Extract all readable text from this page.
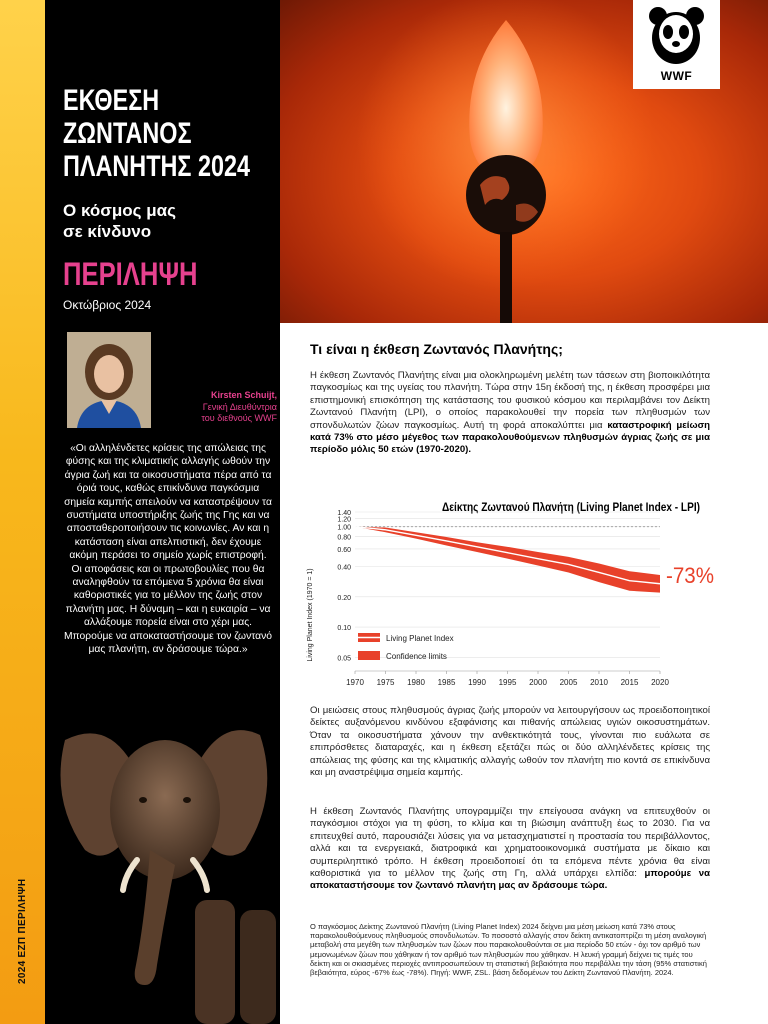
2024 ΕΖΠ ΠΕΡΙΛΗΨΗ
ΕΚΘΕΣΗ
ΖΩΝΤΑΝΟΣ
ΠΛΑΝΗΤΗΣ 2024
Ο κόσμος μας
σε κίνδυνο
ΠΕΡΙΛΗΨΗ
Οκτώβριος 2024
Kirsten Schuijt,
Γενική Διευθύντρια
του διεθνούς WWF
«Οι αλληλένδετες κρίσεις της απώλειας της φύσης και της κλιματικής αλλαγής ωθούν την άγρια ζωή και τα οικοσυστήματα πέρα από τα όριά τους, καθώς επικίνδυνα παγκόσμια σημεία καμπής απειλούν να καταστρέψουν τα συστήματα υποστήριξης ζωής της Γης και να αποσταθεροποιήσουν τις κοινωνίες. Αν και η κατάσταση είναι απελπιστική, δεν έχουμε ακόμη περάσει το σημείο χωρίς επιστροφή. Οι αποφάσεις και οι πρωτοβουλίες που θα αναληφθούν τα επόμενα 5 χρόνια θα είναι καθοριστικές για το μέλλον της ζωής στον πλανήτη μας. Η δύναμη – και η ευκαιρία – να αλλάξουμε πορεία είναι στο χέρι μας. Μπορούμε να αποκαταστήσουμε τον ζωντανό μας πλανήτη, αν δράσουμε τώρα.»
WWF
Τι είναι η έκθεση Ζωντανός Πλανήτης;
Η έκθεση Ζωντανός Πλανήτης είναι μια ολοκληρωμένη μελέτη των τάσεων στη βιοποικιλότητα παγκοσμίως και της υγείας του πλανήτη. Τώρα στην 15η έκδοσή της, η έκθεση προσφέρει μια επιστημονική επισκόπηση της κατάστασης του φυσικού κόσμου και περιλαμβάνει τον Δείκτη Ζωντανού Πλανήτη (LPI), ο οποίος παρακολουθεί την πορεία των πληθυσμών των σπονδυλωτών ζώων παγκοσμίως. Αυτή τη φορά αποκαλύπτει μια καταστροφική μείωση κατά 73% στο μέσο μέγεθος των παρακολουθούμενων πληθυσμών άγριας ζωής σε μια περίοδο μόλις 50 ετών (1970-2020).
Δείκτης Ζωντανού Πλανήτη (Living Planet Index - LPI)
Living Planet Index (1970 = 1)
1.40
1.20
1.00
0.80
0.60
0.40
0.20
0.10
0.05
1970 1975 1980 1985 1990 1995 2000 2005 2010 2015 2020
-73%
Living Planet Index
Confidence limits
Οι μειώσεις στους πληθυσμούς άγριας ζωής μπορούν να λειτουργήσουν ως προειδοποιητικοί δείκτες αυξανόμενου κινδύνου εξαφάνισης και πιθανής απώλειας υγιών οικοσυστημάτων. Όταν τα οικοσυστήματα χάνουν την ανθεκτικότητά τους, γίνονται πιο ευάλωτα σε επιπρόσθετες διαταραχές, και η έκθεση εξετάζει πώς οι δύο αλληλένδετες κρίσεις της απώλειας της φύσης και της κλιματικής αλλαγής ωθούν τον πλανήτη πιο κοντά σε επικίνδυνα και μη αναστρέψιμα σημεία καμπής.
Η έκθεση Ζωντανός Πλανήτης υπογραμμίζει την επείγουσα ανάγκη να επιτευχθούν οι παγκόσμιοι στόχοι για τη φύση, το κλίμα και τη βιώσιμη ανάπτυξη έως το 2030. Για να επιτευχθεί αυτό, παρουσιάζει λύσεις για να μετασχηματιστεί η προστασία του περιβάλλοντος, αλλά και τα ενεργειακά, διατροφικά και χρηματοοικονομικά συστήματα με δίκαιο και συμπεριληπτικό τρόπο. Η έκθεση προειδοποιεί ότι τα επόμενα πέντε χρόνια θα είναι καθοριστικά για το μέλλον της ζωής στη Γη, αλλά υπάρχει ελπίδα: μπορούμε να αποκαταστήσουμε τον ζωντανό πλανήτη μας αν δράσουμε τώρα.
Ο παγκόσμιος Δείκτης Ζωντανού Πλανήτη (Living Planet Index) 2024 δείχνει μια μέση μείωση κατά 73% στους παρακολουθούμενους πληθυσμούς σπονδυλωτών. Το ποσοστό αλλαγής στον δείκτη αντικατοπτρίζει τη μέση αναλογική μεταβολή στα μεγέθη των πληθυσμών των ζώων που παρακολουθούνται σε μια περίοδο 50 ετών - όχι τον αριθμό των μεμονωμένων ζώων που χάθηκαν ή τον αριθμό των πληθυσμών που χάθηκαν. Η λευκή γραμμή δείχνει τις τιμές του δείκτη και οι σκιασμένες περιοχές αντιπροσωπεύουν τη στατιστική βεβαιότητα που περιβάλλει την τάση (95% στατιστική βεβαιότητα, εύρος -67% έως -78%). Πηγή: WWF, ZSL. βάση δεδομένων του Δείκτη Ζωντανού Πλανήτη. 2024.
